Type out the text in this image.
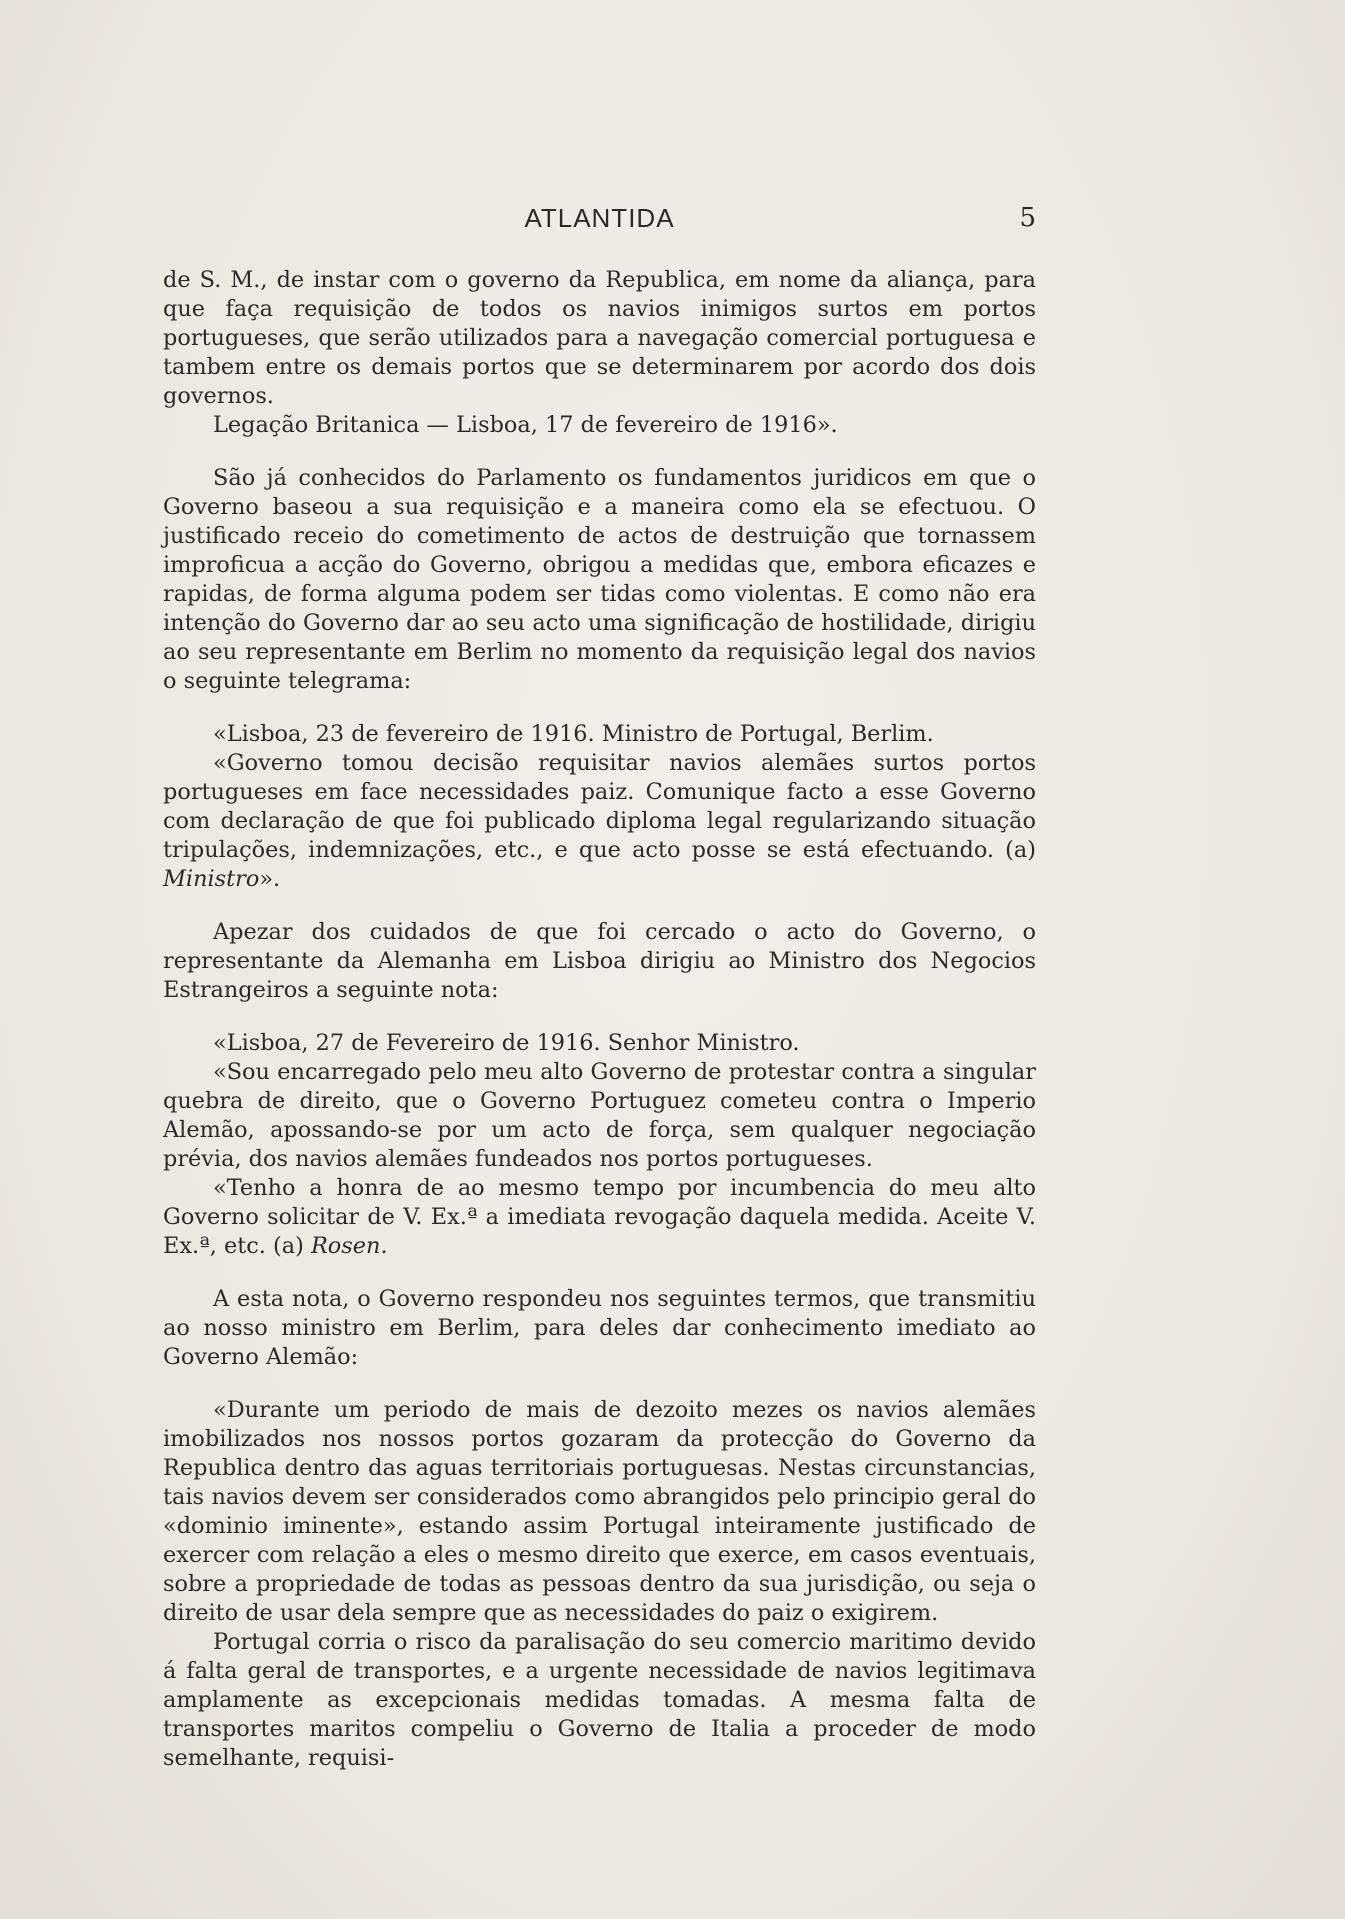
ATLANTIDA	5

de S. M., de instar com o governo da Republica, em nome da aliança, para que faça requisição de todos os navios inimigos surtos em portos portugueses, que serão utilizados para a navegação comercial portuguesa e tambem entre os demais portos que se determinarem por acordo dos dois governos.

Legação Britanica — Lisboa, 17 de fevereiro de 1916».

São já conhecidos do Parlamento os fundamentos juridicos em que o Governo baseou a sua requisição e a maneira como ela se efectuou. O justificado receio do cometimento de actos de destruição que tornassem improficua a acção do Governo, obrigou a medidas que, embora eficazes e rapidas, de forma alguma podem ser tidas como violentas. E como não era intenção do Governo dar ao seu acto uma significação de hostilidade, dirigiu ao seu representante em Berlim no momento da requisição legal dos navios o seguinte telegrama:

«Lisboa, 23 de fevereiro de 1916. Ministro de Portugal, Berlim.

«Governo tomou decisão requisitar navios alemães surtos portos portugueses em face necessidades paiz. Comunique facto a esse Governo com declaração de que foi publicado diploma legal regularizando situação tripulações, indemnizações, etc., e que acto posse se está efectuando. (a) Ministro».

Apezar dos cuidados de que foi cercado o acto do Governo, o representante da Alemanha em Lisboa dirigiu ao Ministro dos Negocios Estrangeiros a seguinte nota:

«Lisboa, 27 de Fevereiro de 1916. Senhor Ministro.

«Sou encarregado pelo meu alto Governo de protestar contra a singular quebra de direito, que o Governo Portuguez cometeu contra o Imperio Alemão, apossando-se por um acto de força, sem qualquer negociação prévia, dos navios alemães fundeados nos portos portugueses.

«Tenho a honra de ao mesmo tempo por incumbencia do meu alto Governo solicitar de V. Ex.ª a imediata revogação daquela medida. Aceite V. Ex.ª, etc. (a) Rosen.

A esta nota, o Governo respondeu nos seguintes termos, que transmitiu ao nosso ministro em Berlim, para deles dar conhecimento imediato ao Governo Alemão:

«Durante um periodo de mais de dezoito mezes os navios alemães imobilizados nos nossos portos gozaram da protecção do Governo da Republica dentro das aguas territoriais portuguesas. Nestas circunstancias, tais navios devem ser considerados como abrangidos pelo principio geral do «dominio iminente», estando assim Portugal inteiramente justificado de exercer com relação a eles o mesmo direito que exerce, em casos eventuais, sobre a propriedade de todas as pessoas dentro da sua jurisdição, ou seja o direito de usar dela sempre que as necessidades do paiz o exigirem.

Portugal corria o risco da paralisação do seu comercio maritimo devido á falta geral de transportes, e a urgente necessidade de navios legitimava amplamente as excepcionais medidas tomadas. A mesma falta de transportes maritos compeliu o Governo de Italia a proceder de modo semelhante, requisi-
